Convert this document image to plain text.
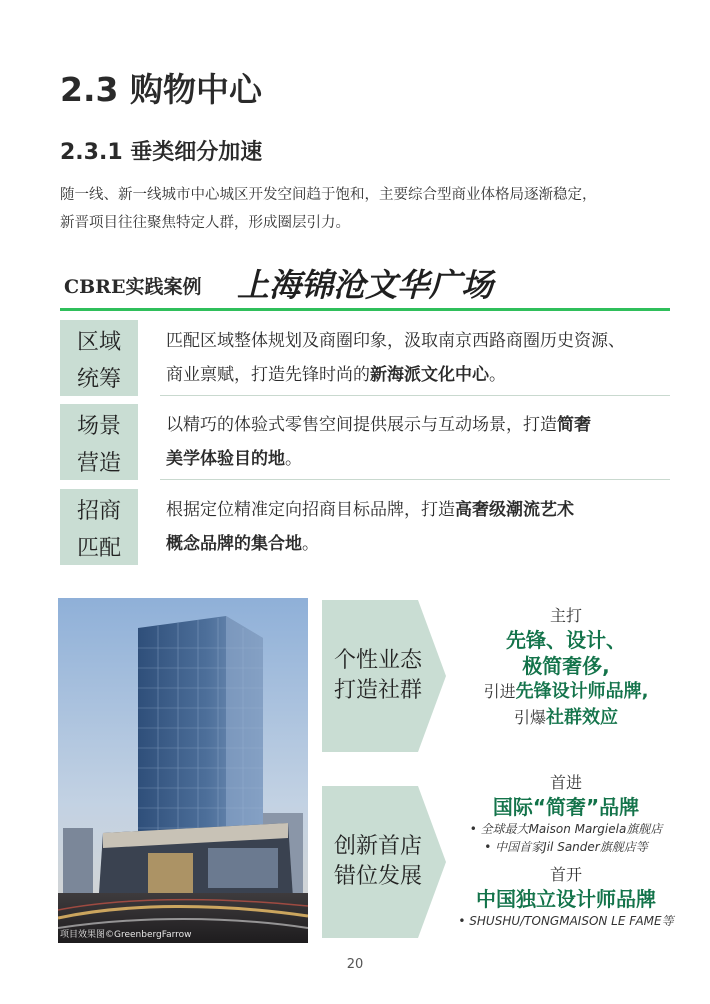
2.3 购物中心
2.3.1 垂类细分加速
随一线、新一线城市中心城区开发空间趋于饱和，主要综合型商业体格局逐渐稳定，
新晋项目往往聚焦特定人群，形成圈层引力。
CBRE实践案例 上海锦沧文华广场
区域
统筹
匹配区域整体规划及商圈印象，汲取南京西路商圈历史资源、
商业禀赋，打造先锋时尚的新海派文化中心。
场景
营造
以精巧的体验式零售空间提供展示与互动场景，打造简奢
美学体验目的地。
招商
匹配
根据定位精准定向招商目标品牌，打造高奢级潮流艺术
概念品牌的集合地。
项目效果图©GreenbergFarrow
个性业态
打造社群
主打
先锋、设计、
极简奢侈,
引进先锋设计师品牌,
引爆社群效应
创新首店
错位发展
首进
国际“简奢”品牌
• 全球最大Maison Margiela旗舰店
• 中国首家Jil Sander旗舰店等
首开
中国独立设计师品牌
• SHUSHU/TONGMAISON LE FAME等
20
